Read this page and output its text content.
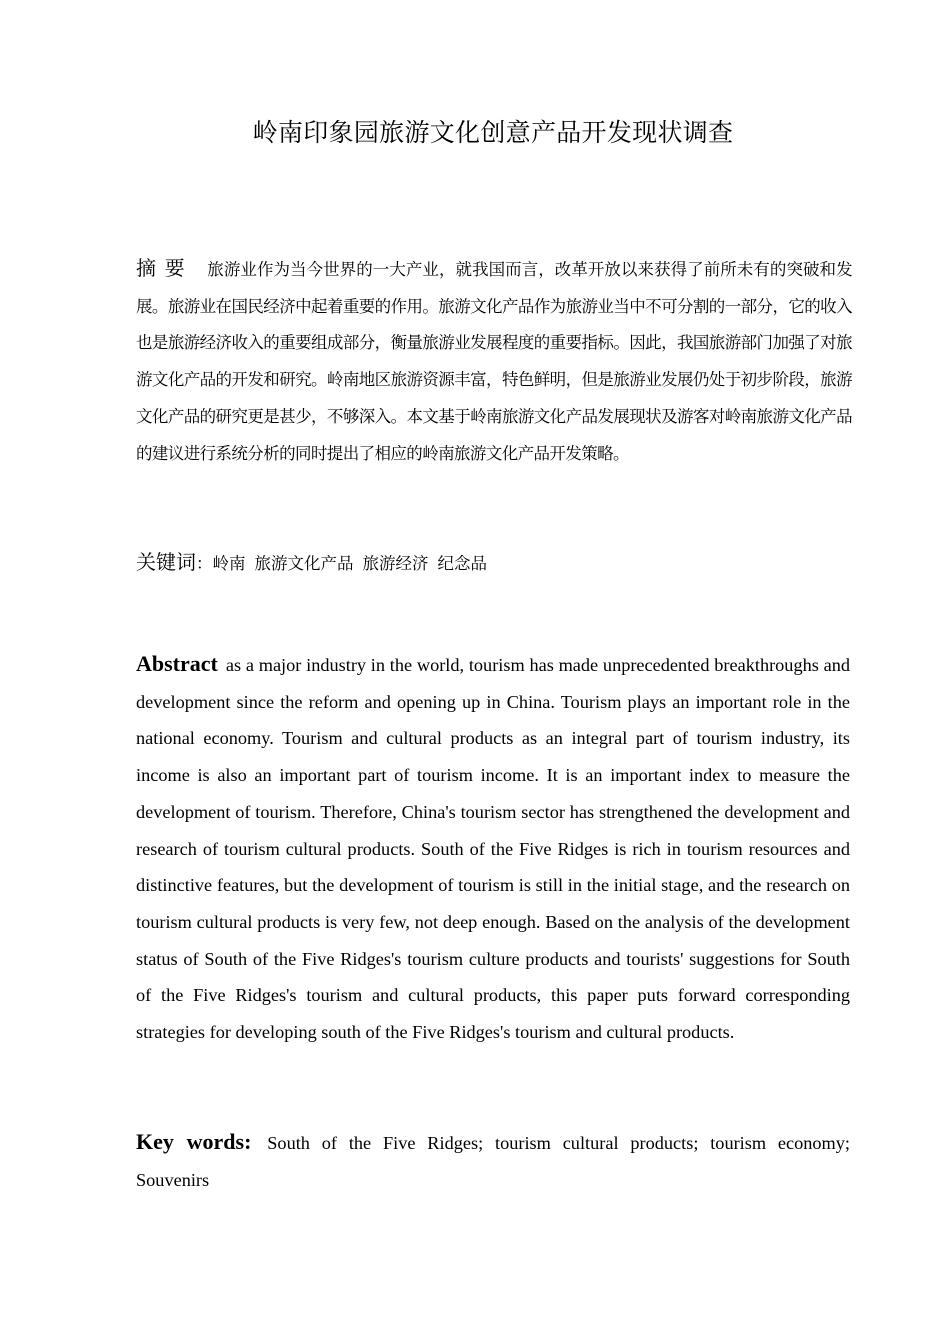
岭南印象园旅游文化创意产品开发现状调查

摘要 旅游业作为当今世界的一大产业，就我国而言，改革开放以来获得了前所未有的突破和发展。旅游业在国民经济中起着重要的作用。旅游文化产品作为旅游业当中不可分割的一部分，它的收入也是旅游经济收入的重要组成部分，衡量旅游业发展程度的重要指标。因此，我国旅游部门加强了对旅游文化产品的开发和研究。岭南地区旅游资源丰富，特色鲜明，但是旅游业发展仍处于初步阶段，旅游文化产品的研究更是甚少，不够深入。本文基于岭南旅游文化产品发展现状及游客对岭南旅游文化产品的建议进行系统分析的同时提出了相应的岭南旅游文化产品开发策略。

关键词：岭南 旅游文化产品 旅游经济 纪念品

Abstract as a major industry in the world, tourism has made unprecedented breakthroughs and development since the reform and opening up in China. Tourism plays an important role in the national economy. Tourism and cultural products as an integral part of tourism industry, its income is also an important part of tourism income. It is an important index to measure the development of tourism. Therefore, China's tourism sector has strengthened the development and research of tourism cultural products. South of the Five Ridges is rich in tourism resources and distinctive features, but the development of tourism is still in the initial stage, and the research on tourism cultural products is very few, not deep enough. Based on the analysis of the development status of South of the Five Ridges's tourism culture products and tourists' suggestions for South of the Five Ridges's tourism and cultural products, this paper puts forward corresponding strategies for developing south of the Five Ridges's tourism and cultural products.

Key words: South of the Five Ridges; tourism cultural products; tourism economy; Souvenirs
